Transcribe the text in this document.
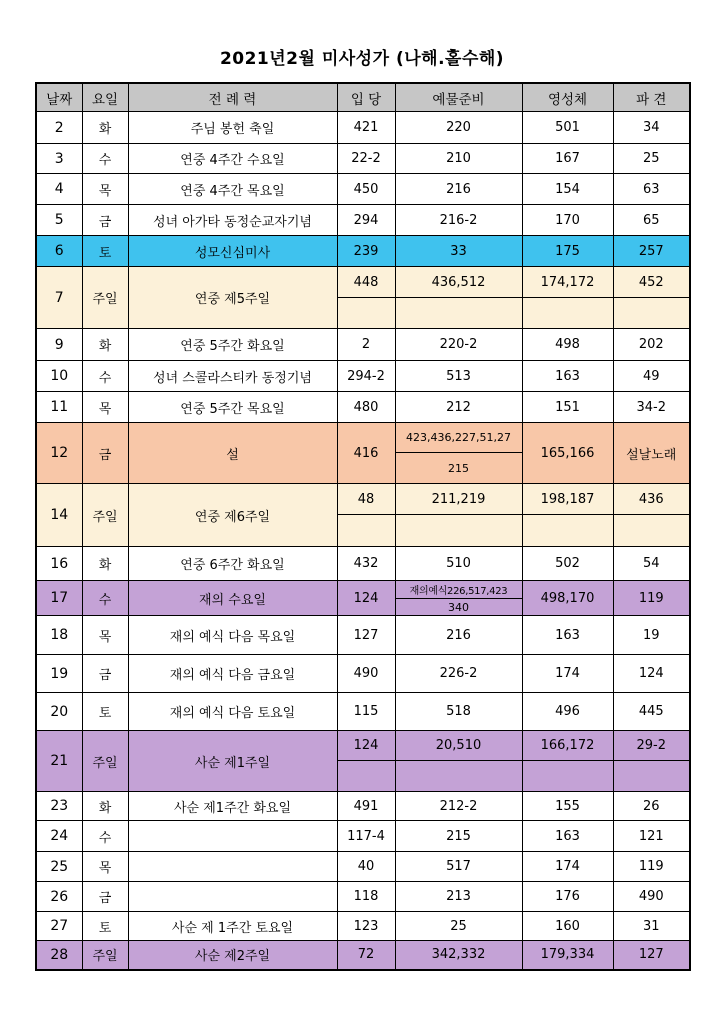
2021년2월 미사성가 (나해.홀수해)
날짜	요일	전 례 력	입 당	예물준비	영성체	파 견
2	화	주님 봉헌 축일	421	220	501	34
3	수	연중 4주간 수요일	22-2	210	167	25
4	목	연중 4주간 목요일	450	216	154	63
5	금	성녀 아가타 동정순교자기념	294	216-2	170	65
6	토	성모신심미사	239	33	175	257
7	주일	연중 제5주일	448	436,512	174,172	452

9	화	연중 5주간 화요일	2	220-2	498	202
10	수	성녀 스콜라스티카 동정기념	294-2	513	163	49
11	목	연중 5주간 목요일	480	212	151	34-2
12	금	설	416	423,436,227,51,27	165,166	설날노래
				215		
14	주일	연중 제6주일	48	211,219	198,187	436

16	화	연중 6주간 화요일	432	510	502	54
17	수	재의 수요일	124	재의예식226,517,423	498,170	119
				340		
18	목	재의 예식 다음 목요일	127	216	163	19
19	금	재의 예식 다음 금요일	490	226-2	174	124
20	토	재의 예식 다음 토요일	115	518	496	445
21	주일	사순 제1주일	124	20,510	166,172	29-2

23	화	사순 제1주간 화요일	491	212-2	155	26
24	수		117-4	215	163	121
25	목		40	517	174	119
26	금		118	213	176	490
27	토	사순 제 1주간 토요일	123	25	160	31
28	주일	사순 제2주일	72	342,332	179,334	127
